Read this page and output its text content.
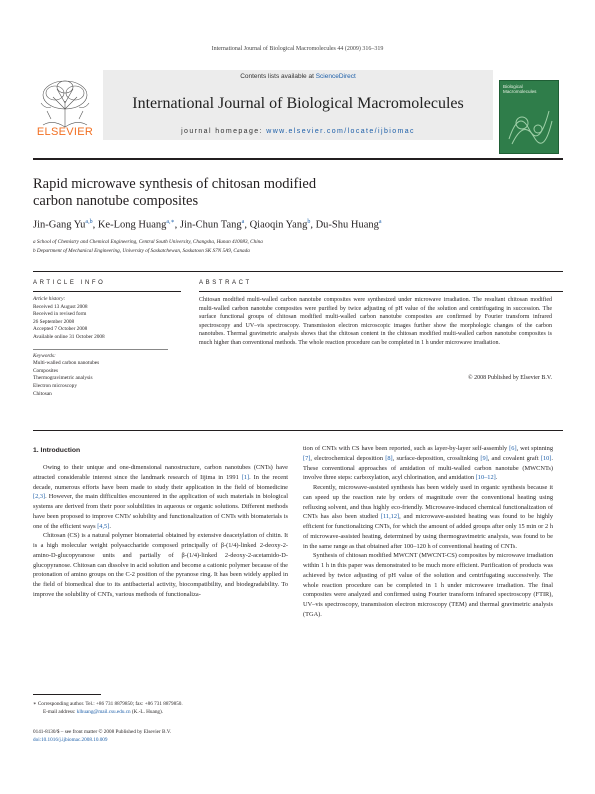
International Journal of Biological Macromolecules 44 (2009) 316–319
ELSEVIER
Contents lists available at ScienceDirect
International Journal of Biological Macromolecules
journal homepage: www.elsevier.com/locate/ijbiomac
Biological Macromolecules
Rapid microwave synthesis of chitosan modified
carbon nanotube composites
Jin-Gang Yu$^{a,b}$, Ke-Long Huang$^{a,∗}$, Jin-Chun Tang$^a$, Qiaoqin Yang$^b$, Du-Shu Huang$^a$
a School of Chemistry and Chemical Engineering, Central South University, Changsha, Hunan 410083, China
b Department of Mechanical Engineering, University of Saskatchewan, Saskatoon SK S7N 5A9, Canada
ARTICLE INFO	ABSTRACT
Article history:
Received 13 August 2008
Received in revised form
26 September 2008
Accepted 7 October 2008
Available online 31 October 2008
Keywords:
Multi-walled carbon nanotubes
Composites
Thermogravimetric analysis
Electron microscopy
Chitosan
Chitosan modified multi-walled carbon nanotube composites were synthesized under microwave irradiation. The resultant chitosan modified multi-walled carbon nanotube composites were purified by twice adjusting of pH value of the solution and centrifugating in succession. The surface functional groups of chitosan modified multi-walled carbon nanotube composites are confirmed by Fourier transform infrared spectroscopy and UV–vis spectroscopy. Transmission electron microscopic images further show the morphologic changes of the carbon nanotubes. Thermal gravimetric analysis shows that the chitosan content in the chitosan modified multi-walled carbon nanotube composites is much higher than conventional methods. The whole reaction procedure can be completed in 1 h under microwave irradiation.
© 2008 Published by Elsevier B.V.
1. Introduction

Owing to their unique and one-dimensional nanostructure, carbon nanotubes (CNTs) have attracted considerable interest since the landmark research of Iijima in 1991 [1]. In the recent decade, numerous efforts have been made to study their application in the field of biomedicine [2,3]. However, the main difficulties encountered in the application of such materials in biological systems are derived from their poor solubilities in aqueous or organic solutions. Different methods have been proposed to improve CNTs' solubility and functionalization of CNTs with biomaterials is one of the efficient ways [4,5].

Chitosan (CS) is a natural polymer biomaterial obtained by extensive deacetylation of chitin. It is a high molecular weight polysaccharide composed principally of β-(1/4)-linked 2-deoxy-2-amino-D-glucopyranose units and partially of β-(1/4)-linked 2-deoxy-2-acetamido-D-glucopyranose. Chitosan can dissolve in acid solution and become a cationic polymer because of the protonation of amino groups on the C-2 position of the pyranose ring. It has been widely applied in the field of biomedical due to its antibacterial activity, biocompatibility, and biodegradability. To improve the solubility of CNTs, various methods of functionaliza-

tion of CNTs with CS have been reported, such as layer-by-layer self-assembly [6], wet spinning [7], electrochemical deposition [8], surface-deposition, crosslinking [9], and covalent graft [10]. These conventional approaches of amidation of multi-walled carbon nanotube (MWCNTs) involve three steps: carboxylation, acyl chlorination, and amidation [10–12].

Recently, microwave-assisted synthesis has been widely used in organic synthesis because it can speed up the reaction rate by orders of magnitude over the conventional heating using refluxing solvent, and thus highly eco-friendly. Microwave-induced chemical functionalization of CNTs has also been studied [11,12], and microwave-assisted heating was found to be highly efficient for functionalizing CNTs, for which the amount of added groups after only 15 min or 2 h of microwave-assisted heating, determined by using thermogravimetric analysis, was found to be in the same range as that obtained after 100–120 h of conventional heating of CNTs.

Synthesis of chitosan modified MWCNT (MWCNT-CS) composites by microwave irradiation within 1 h in this paper was demonstrated to be much more efficient. Purification of products was achieved by twice adjusting of pH value of the solution and centrifugating successively. The whole reaction procedure can be completed in 1 h under microwave irradiation. The final composites were analyzed and confirmed using Fourier transform infrared spectroscopy (FTIR), UV–vis spectroscopy, transmission electron microscopy (TEM) and thermal gravimetric analysis (TGA).

∗ Corresponding author. Tel.: +86 731 8879850; fax: +86 731 8879850.
E-mail address: klhuang@mail.csu.edu.cn (K.-L. Huang).
0141-8130/$ – see front matter © 2008 Published by Elsevier B.V.
doi:10.1016/j.ijbiomac.2008.10.009
